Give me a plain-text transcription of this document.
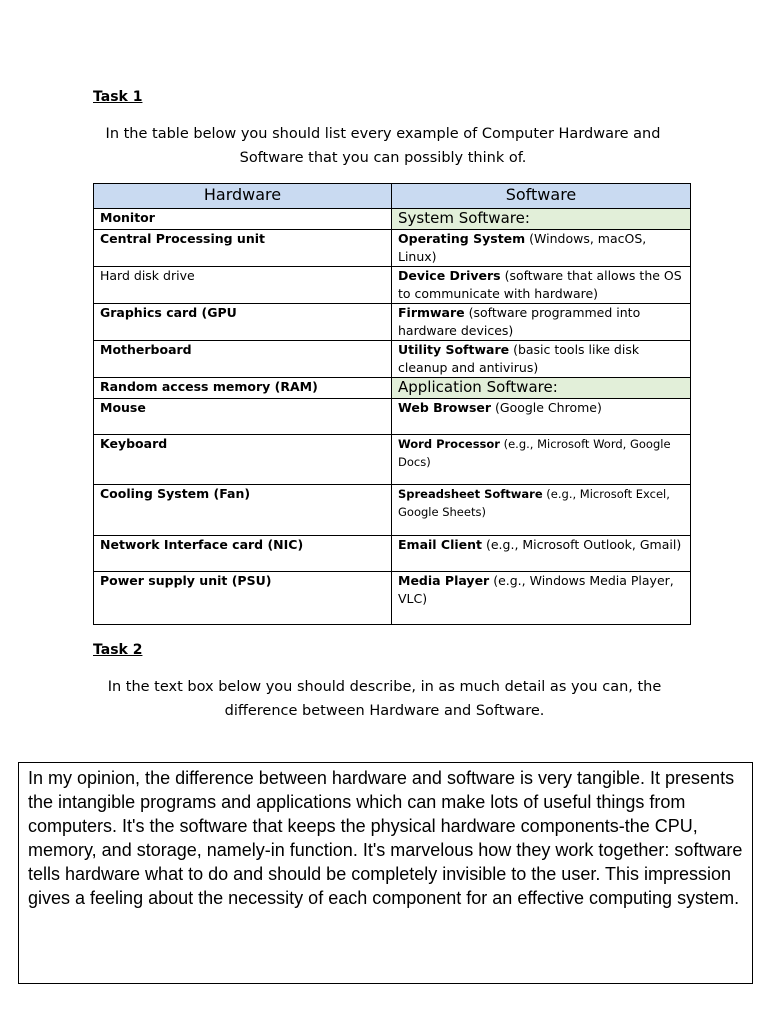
Task 1
In the table below you should list every example of Computer Hardware and Software that you can possibly think of.
Hardware	Software
Monitor	System Software:
Central Processing unit	Operating System (Windows, macOS, Linux)
Hard disk drive	Device Drivers (software that allows the OS to communicate with hardware)
Graphics card (GPU	Firmware (software programmed into hardware devices)
Motherboard	Utility Software (basic tools like disk cleanup and antivirus)
Random access memory (RAM)	Application Software:
Mouse	Web Browser (Google Chrome)
Keyboard	Word Processor (e.g., Microsoft Word, Google Docs)
Cooling System (Fan)	Spreadsheet Software (e.g., Microsoft Excel, Google Sheets)
Network Interface card (NIC)	Email Client (e.g., Microsoft Outlook, Gmail)
Power supply unit (PSU)	Media Player (e.g., Windows Media Player, VLC)
Task 2
In the text box below you should describe, in as much detail as you can, the difference between Hardware and Software.
In my opinion, the difference between hardware and software is very tangible. It presents the intangible programs and applications which can make lots of useful things from computers. It's the software that keeps the physical hardware components-the CPU, memory, and storage, namely-in function. It's marvelous how they work together: software tells hardware what to do and should be completely invisible to the user. This impression gives a feeling about the necessity of each component for an effective computing system.
